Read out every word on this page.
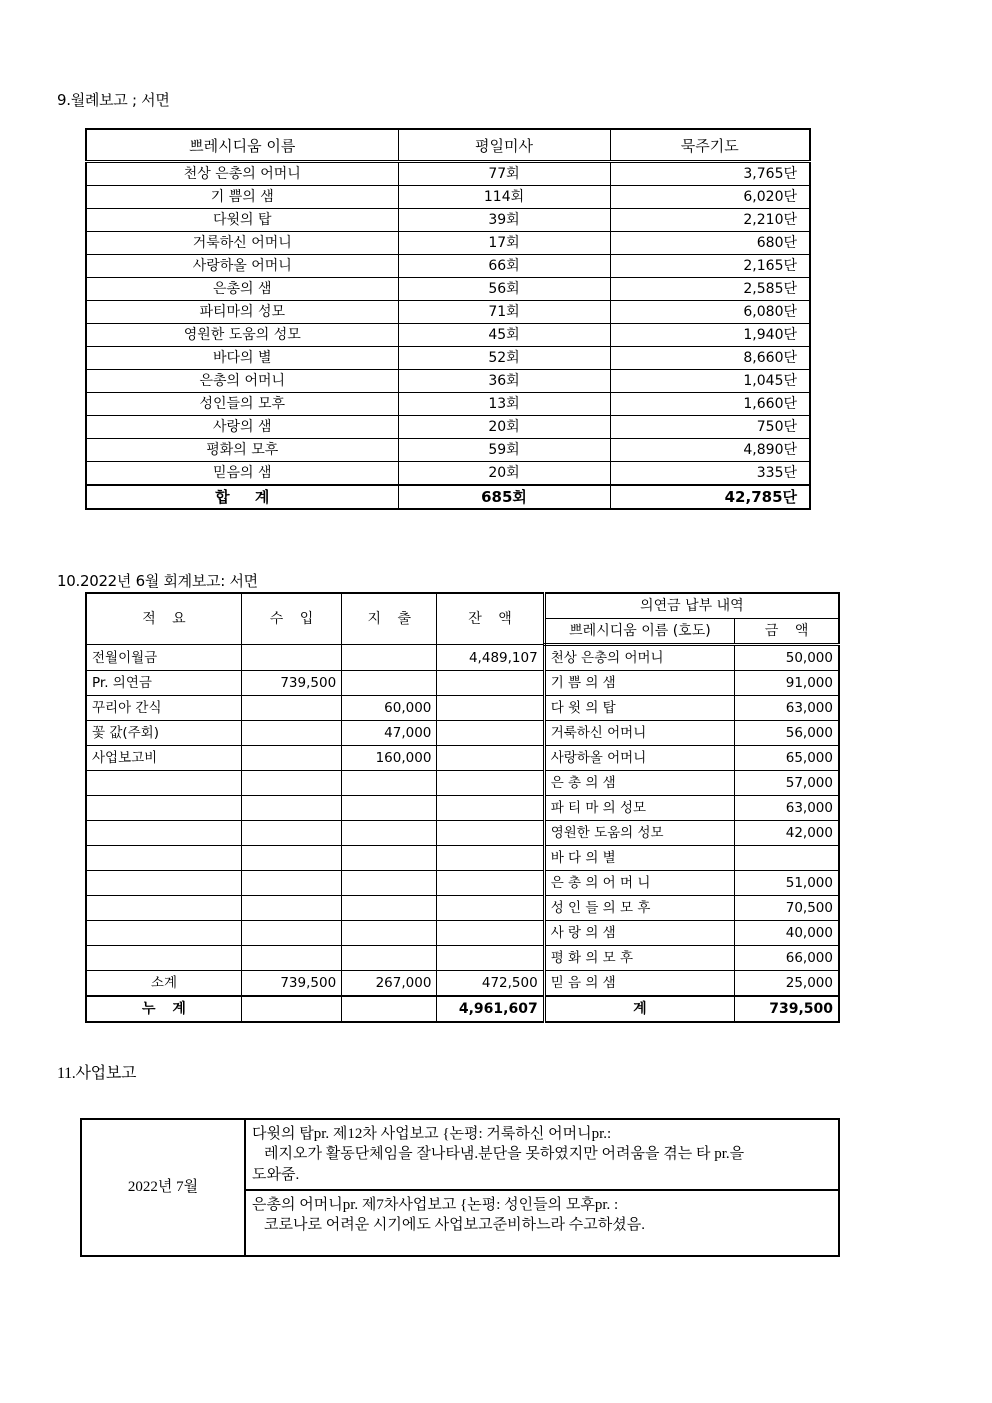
9.월례보고 ; 서면
쁘레시디움 이름	평일미사	묵주기도
천상 은총의 어머니	77회	3,765단
기 쁨의 샘	114회	6,020단
다윗의 탑	39회	2,210단
거룩하신 어머니	17회	680단
사랑하올 어머니	66회	2,165단
은총의 샘	56회	2,585단
파티마의 성모	71회	6,080단
영원한 도움의 성모	45회	1,940단
바다의 별	52회	8,660단
은총의 어머니	36회	1,045단
성인들의 모후	13회	1,660단
사랑의 샘	20회	750단
평화의 모후	59회	4,890단
믿음의 샘	20회	335단
합 계	685회	42,785단
10.2022년 6월 회계보고: 서면
적 요	수 입	지 출	잔 액	의연금 납부 내역	
				쁘레시디움 이름 (호도)	금 액
전월이월금			4,489,107	천상 은총의 어머니	50,000
Pr. 의연금	739,500			기 쁨 의 샘	91,000
꾸리아 간식		60,000		다 윗 의 탑	63,000
꽃 값(주회)		47,000		거룩하신 어머니	56,000
사업보고비		160,000		사랑하올 어머니	65,000
				은 총 의 샘	57,000
				파 티 마 의 성모	63,000
				영원한 도움의 성모	42,000
				바 다 의 별	
				은 총 의 어 머 니	51,000
				성 인 들 의 모 후	70,500
				사 랑 의 샘	40,000
				평 화 의 모 후	66,000
소계	739,500	267,000	472,500	믿 음 의 샘	25,000
누 계			4,961,607	계	739,500
11.사업보고
2022년 7월	
다윗의 탑pr. 제12차 사업보고 {논평: 거룩하신 어머니pr.:
레지오가 활동단체임을 잘나타냄.분단을 못하였지만 어려움을 겪는 타 pr.을
도와줌.

은총의 어머니pr. 제7차사업보고 {논평: 성인들의 모후pr. :
코로나로 어려운 시기에도 사업보고준비하느라 수고하셨음.
